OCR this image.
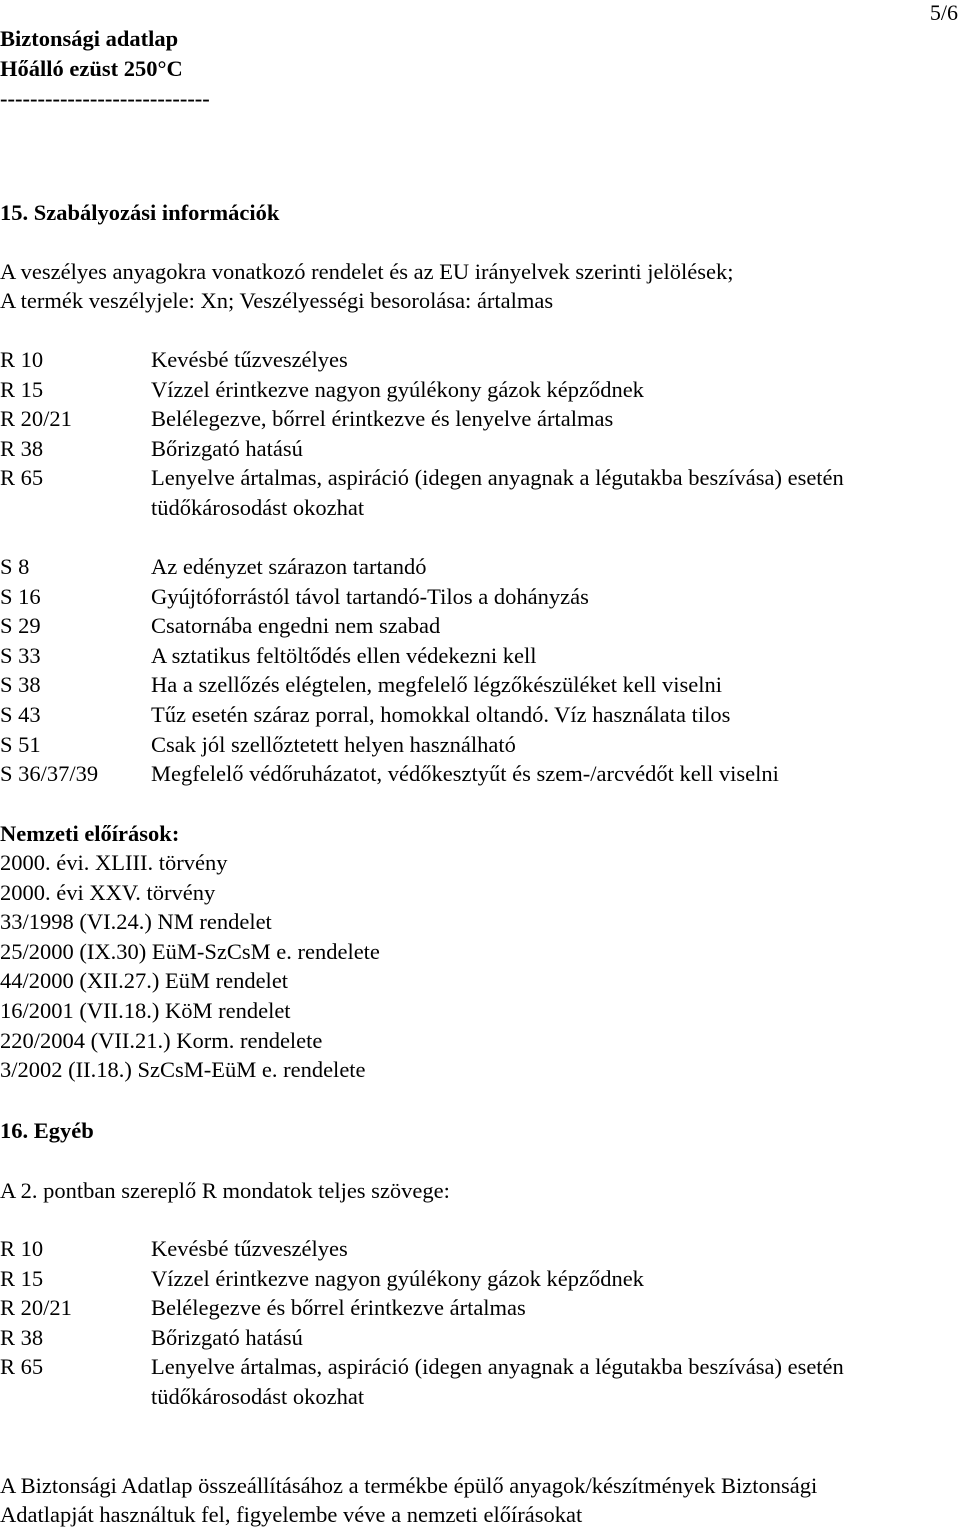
5/6
Biztonsági adatlap
Hőálló ezüst 250°C
----------------------------
15. Szabályozási információk
A veszélyes anyagokra vonatkozó rendelet és az EU irányelvek szerinti jelölések;
A termék veszélyjele: Xn; Veszélyességi besorolása: ártalmas
R 10	Kevésbé tűzveszélyes
R 15	Vízzel érintkezve nagyon gyúlékony gázok képződnek
R 20/21	Belélegezve, bőrrel érintkezve és lenyelve ártalmas
R 38	Bőrizgató hatású
R 65	Lenyelve ártalmas, aspiráció (idegen anyagnak a légutakba beszívása) esetén
tüdőkárosodást okozhat
S 8	Az edényzet szárazon tartandó
S 16	Gyújtóforrástól távol tartandó-Tilos a dohányzás
S 29	Csatornába engedni nem szabad
S 33	A sztatikus feltöltődés ellen védekezni kell
S 38	Ha a szellőzés elégtelen, megfelelő légzőkészüléket kell viselni
S 43	Tűz esetén száraz porral, homokkal oltandó. Víz használata tilos
S 51	Csak jól szellőztetett helyen használható
S 36/37/39 Megfelelő védőruházatot, védőkesztyűt és szem-/arcvédőt kell viselni
Nemzeti előírások:
2000. évi. XLIII. törvény
2000. évi XXV. törvény
33/1998 (VI.24.) NM rendelet
25/2000 (IX.30) EüM-SzCsM e. rendelete
44/2000 (XII.27.) EüM rendelet
16/2001 (VII.18.) KöM rendelet
220/2004 (VII.21.) Korm. rendelete
3/2002 (II.18.) SzCsM-EüM e. rendelete
16. Egyéb
A 2. pontban szereplő R mondatok teljes szövege:
R 10	Kevésbé tűzveszélyes
R 15	Vízzel érintkezve nagyon gyúlékony gázok képződnek
R 20/21	Belélegezve és bőrrel érintkezve ártalmas
R 38	Bőrizgató hatású
R 65	Lenyelve ártalmas, aspiráció (idegen anyagnak a légutakba beszívása) esetén
tüdőkárosodást okozhat
A Biztonsági Adatlap összeállításához a termékbe épülő anyagok/készítmények Biztonsági
Adatlapját használtuk fel, figyelembe véve a nemzeti előírásokat
